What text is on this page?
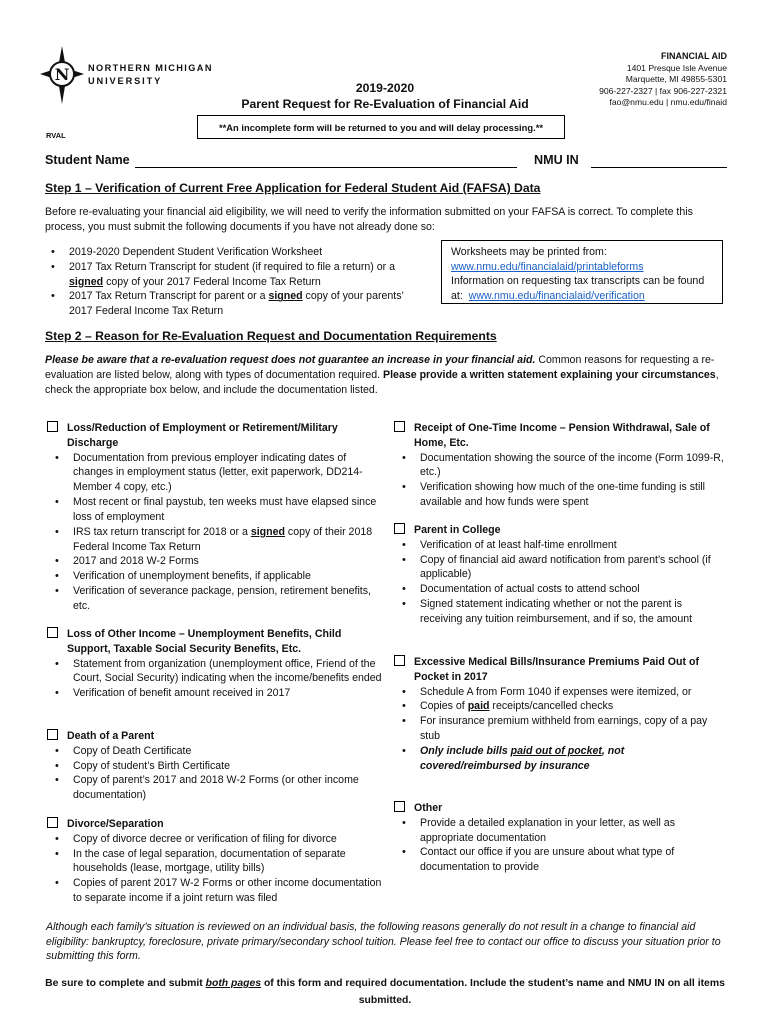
N NORTHERN MICHIGAN
UNIVERSITY	2019-2020
Parent Request for Re-Evaluation of Financial Aid
FINANCIAL AID
1401 Presque Isle Avenue
Marquette, MI 49855-5301
906-227-2327 | fax 906-227-2321
fao@nmu.edu | nmu.edu/finaid
**An incomplete form will be returned to you and will delay processing.**
RVAL
Student Name	NMU IN
Step 1 – Verification of Current Free Application for Federal Student Aid (FAFSA) Data
Before re-evaluating your financial aid eligibility, we will need to verify the information submitted on your FAFSA is correct. To complete this process, you must submit the following documents if you have not already done so:
• 2019-2020 Dependent Student Verification Worksheet
• 2017 Tax Return Transcript for student (if required to file a return) or a signed copy of your 2017 Federal Income Tax Return
• 2017 Tax Return Transcript for parent or a signed copy of your parents’ 2017 Federal Income Tax Return
Worksheets may be printed from:
www.nmu.edu/financialaid/printableforms
Information on requesting tax transcripts can be found at: www.nmu.edu/financialaid/verification
Step 2 – Reason for Re-Evaluation Request and Documentation Requirements
Please be aware that a re-evaluation request does not guarantee an increase in your financial aid. Common reasons for requesting a re-evaluation are listed below, along with types of documentation required. Please provide a written statement explaining your circumstances, check the appropriate box below, and include the documentation listed.
Loss/Reduction of Employment or Retirement/Military Discharge
• Documentation from previous employer indicating dates of changes in employment status (letter, exit paperwork, DD214-Member 4 copy, etc.)
• Most recent or final paystub, ten weeks must have elapsed since loss of employment
• IRS tax return transcript for 2018 or a signed copy of their 2018 Federal Income Tax Return
• 2017 and 2018 W-2 Forms
• Verification of unemployment benefits, if applicable
• Verification of severance package, pension, retirement benefits, etc.
Loss of Other Income – Unemployment Benefits, Child Support, Taxable Social Security Benefits, Etc.
• Statement from organization (unemployment office, Friend of the Court, Social Security) indicating when the income/benefits ended
• Verification of benefit amount received in 2017
Death of a Parent
• Copy of Death Certificate
• Copy of student’s Birth Certificate
• Copy of parent’s 2017 and 2018 W-2 Forms (or other income documentation)
Divorce/Separation
• Copy of divorce decree or verification of filing for divorce
• In the case of legal separation, documentation of separate households (lease, mortgage, utility bills)
• Copies of parent 2017 W-2 Forms or other income documentation to separate income if a joint return was filed
Receipt of One-Time Income – Pension Withdrawal, Sale of Home, Etc.
• Documentation showing the source of the income (Form 1099-R, etc.)
• Verification showing how much of the one-time funding is still available and how funds were spent
Parent in College
• Verification of at least half-time enrollment
• Copy of financial aid award notification from parent’s school (if applicable)
• Documentation of actual costs to attend school
• Signed statement indicating whether or not the parent is receiving any tuition reimbursement, and if so, the amount
Excessive Medical Bills/Insurance Premiums Paid Out of Pocket in 2017
• Schedule A from Form 1040 if expenses were itemized, or
• Copies of paid receipts/cancelled checks
• For insurance premium withheld from earnings, copy of a pay stub
• Only include bills paid out of pocket, not covered/reimbursed by insurance
Other
• Provide a detailed explanation in your letter, as well as appropriate documentation
• Contact our office if you are unsure about what type of documentation to provide
Although each family’s situation is reviewed on an individual basis, the following reasons generally do not result in a change to financial aid eligibility: bankruptcy, foreclosure, private primary/secondary school tuition. Please feel free to contact our office to discuss your situation prior to submitting this form.
Be sure to complete and submit both pages of this form and required documentation. Include the student’s name and NMU IN on all items submitted.
